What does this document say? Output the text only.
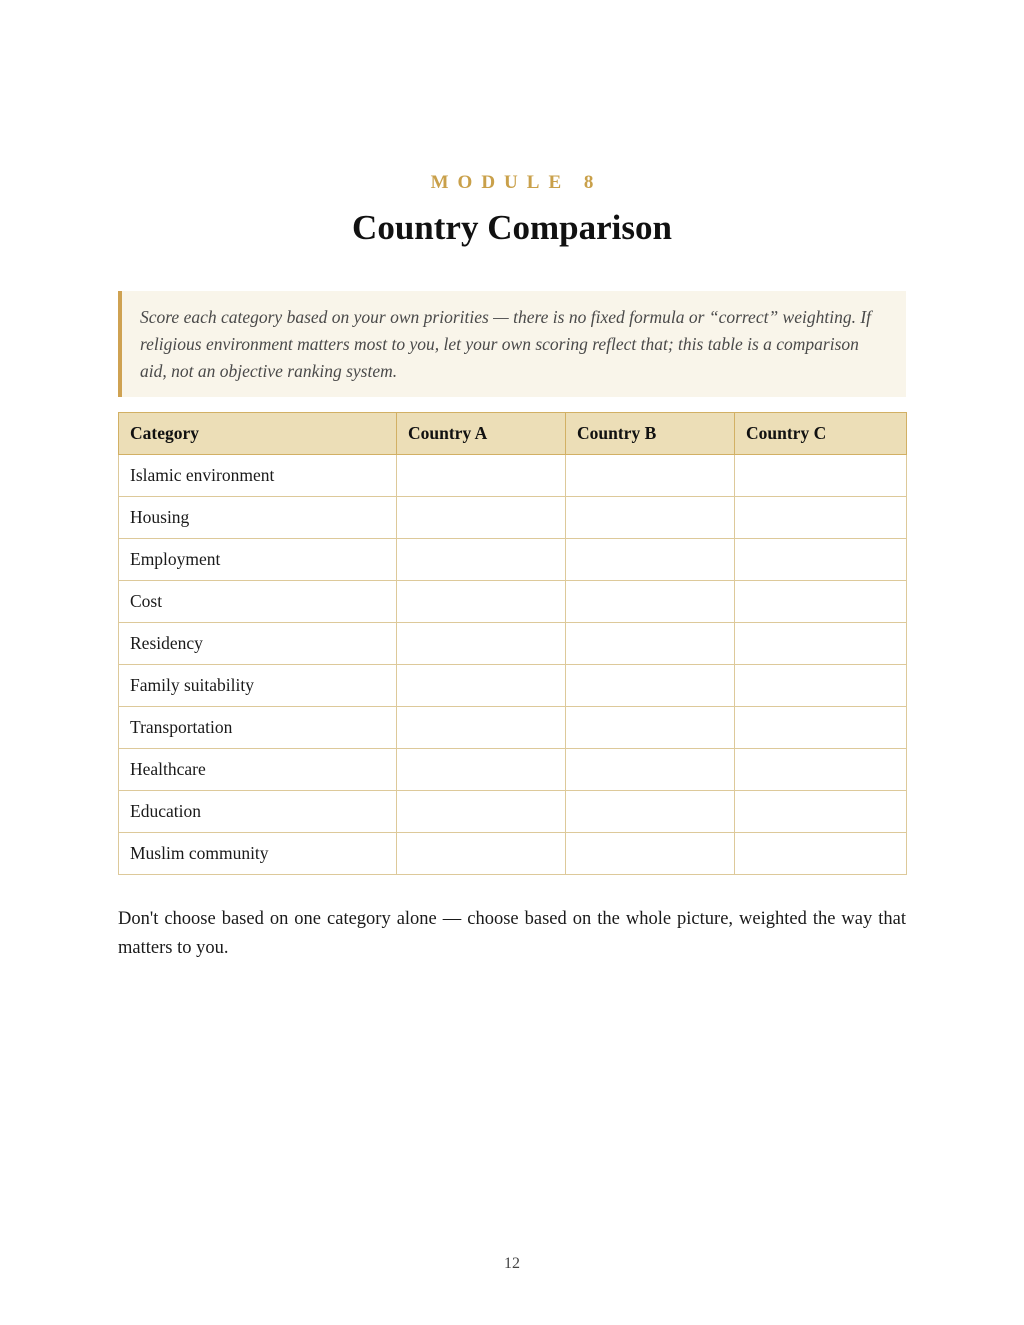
MODULE 8
Country Comparison
Score each category based on your own priorities — there is no fixed formula or “correct” weighting. If religious environment matters most to you, let your own scoring reflect that; this table is a comparison aid, not an objective ranking system.
Category	Country A	Country B	Country C
Islamic environment			
Housing			
Employment			
Cost			
Residency			
Family suitability			
Transportation			
Healthcare			
Education			
Muslim community			

Don't choose based on one category alone — choose based on the whole picture, weighted the way that matters to you.

12
